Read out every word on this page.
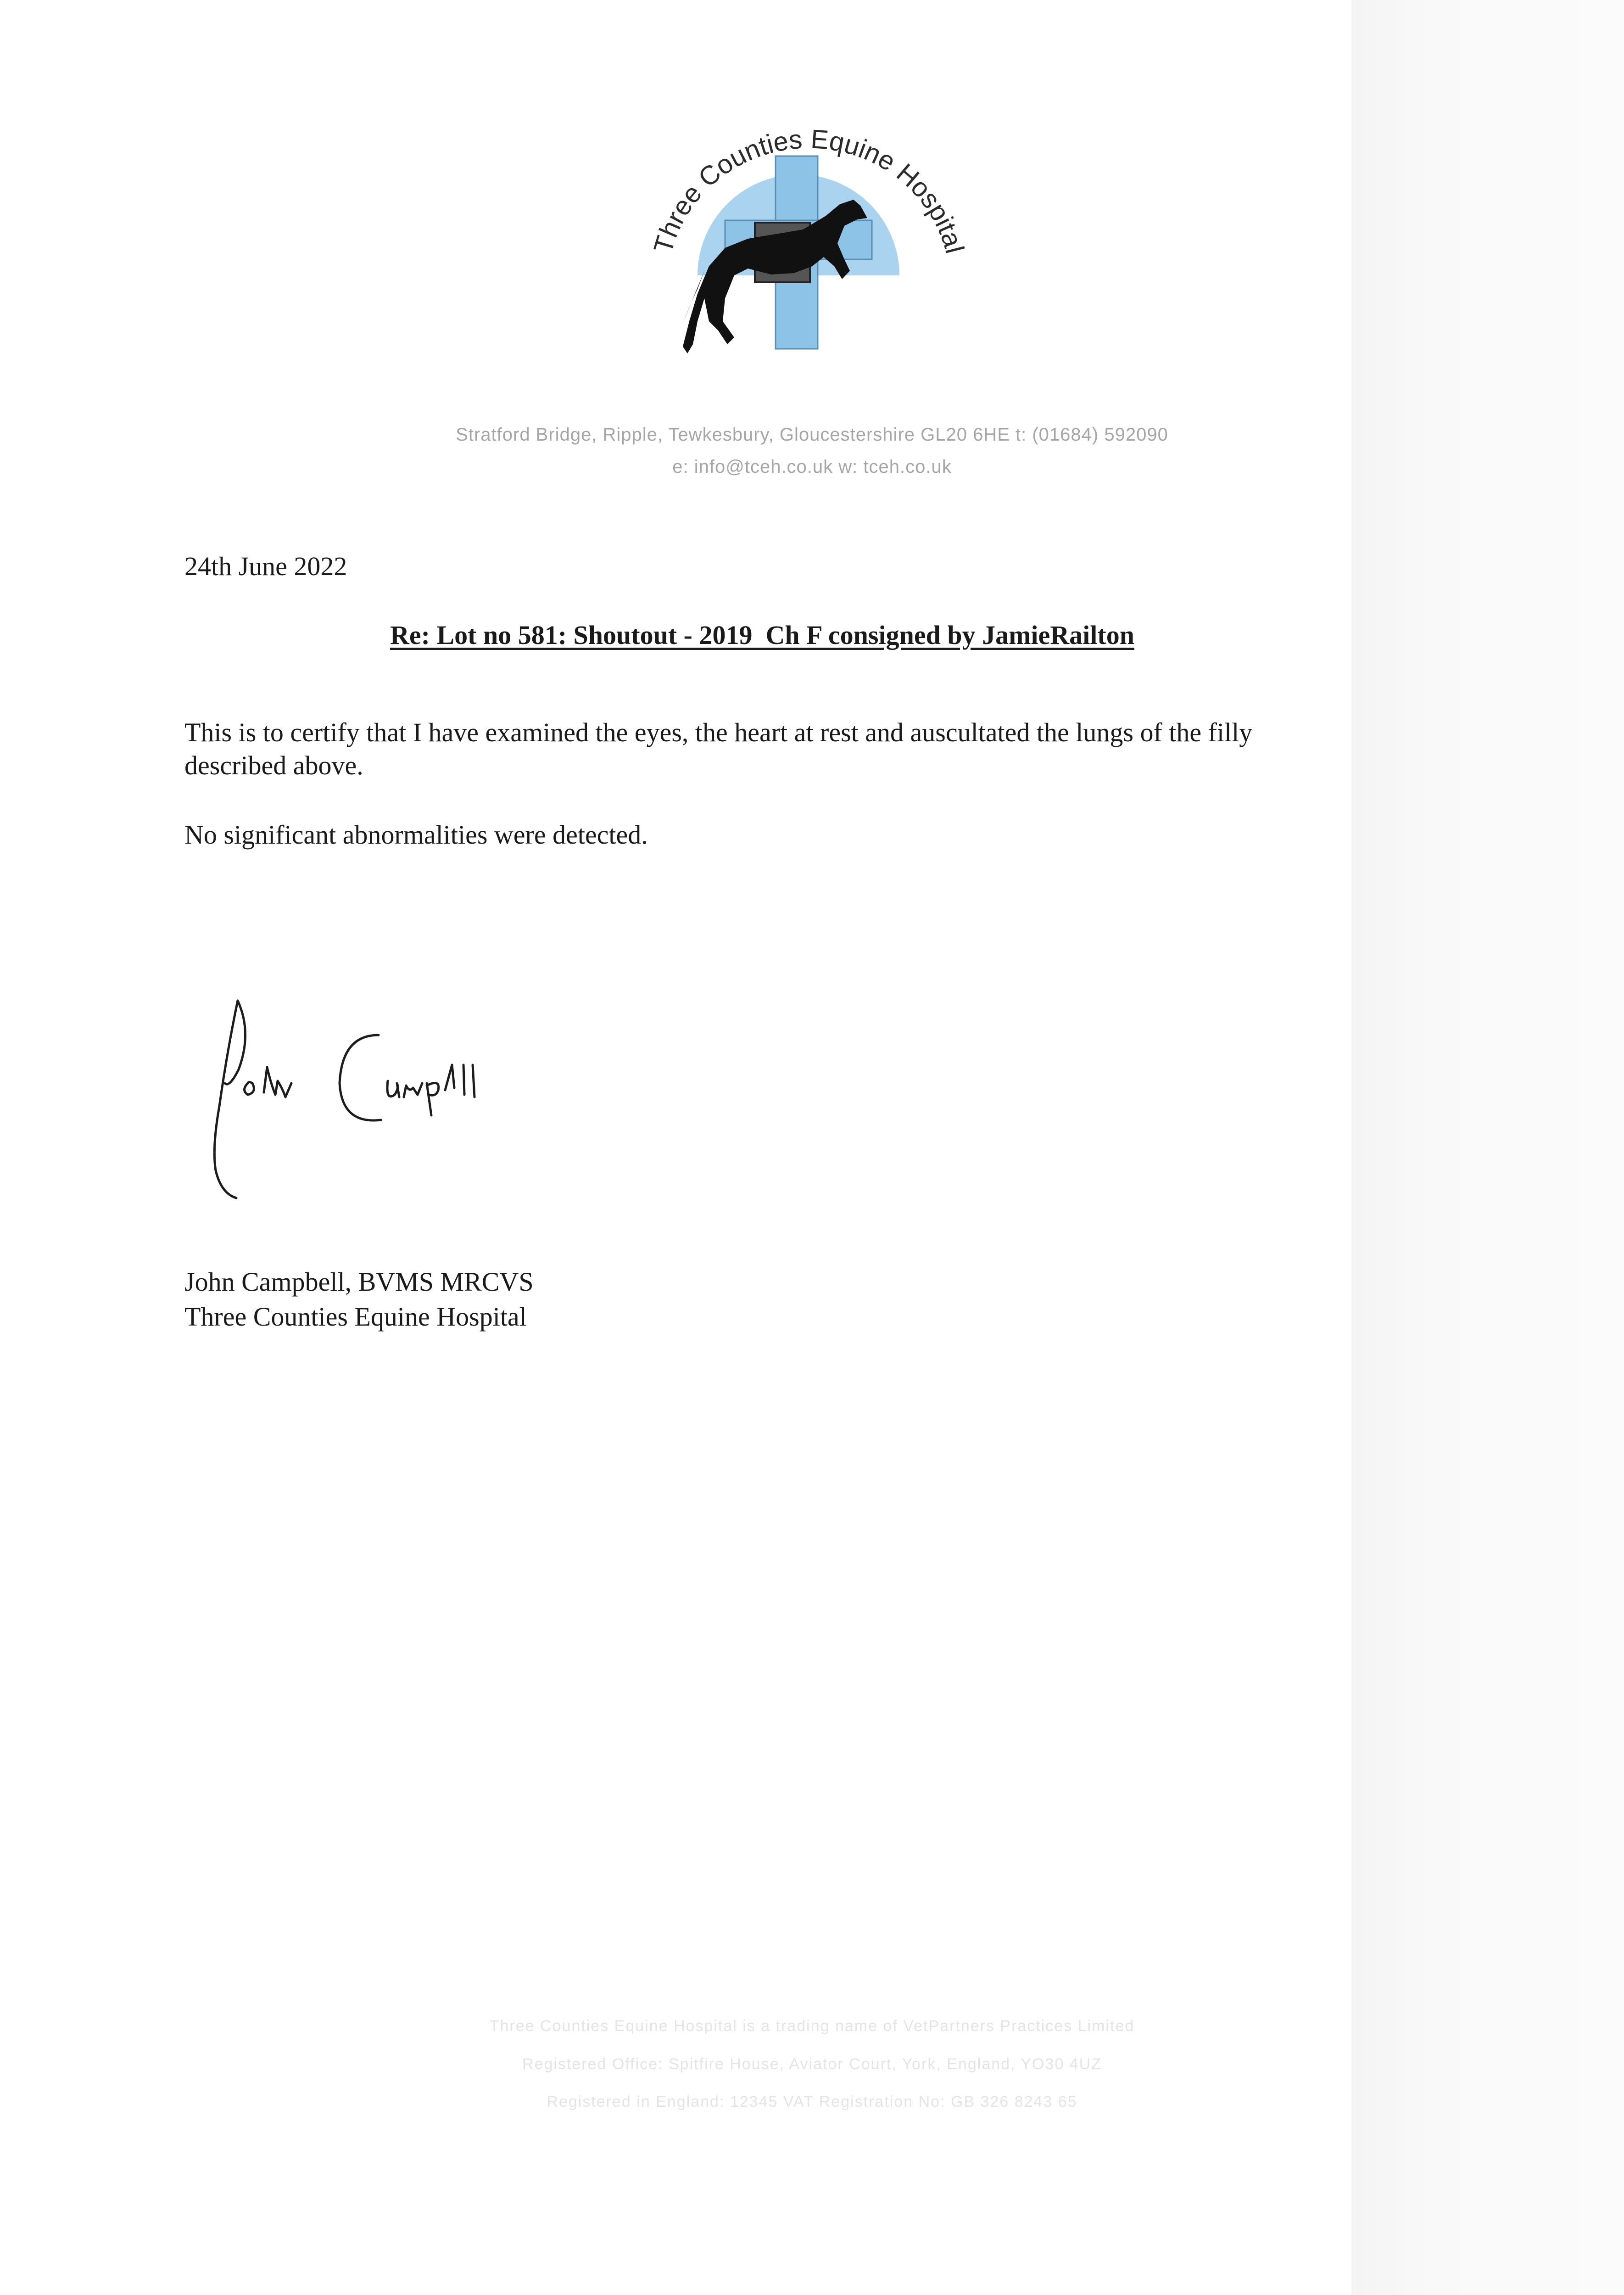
Three Counties Equine Hospital
Stratford Bridge, Ripple, Tewkesbury, Gloucestershire GL20 6HE t: (01684) 592090
e: info@tceh.co.uk w: tceh.co.uk
24th June 2022
Re: Lot no 581: Shoutout - 2019  Ch F consigned by JamieRailton

This is to certify that I have examined the eyes, the heart at rest and auscultated the lungs of the filly described above.

No significant abnormalities were detected.
John Campbell, BVMS MRCVS
Three Counties Equine Hospital
Three Counties Equine Hospital is a trading name of VetPartners Practices Limited
Registered Office: Spitfire House, Aviator Court, York, England, YO30 4UZ
Registered in England: 12345 VAT Registration No: GB 326 8243 65
